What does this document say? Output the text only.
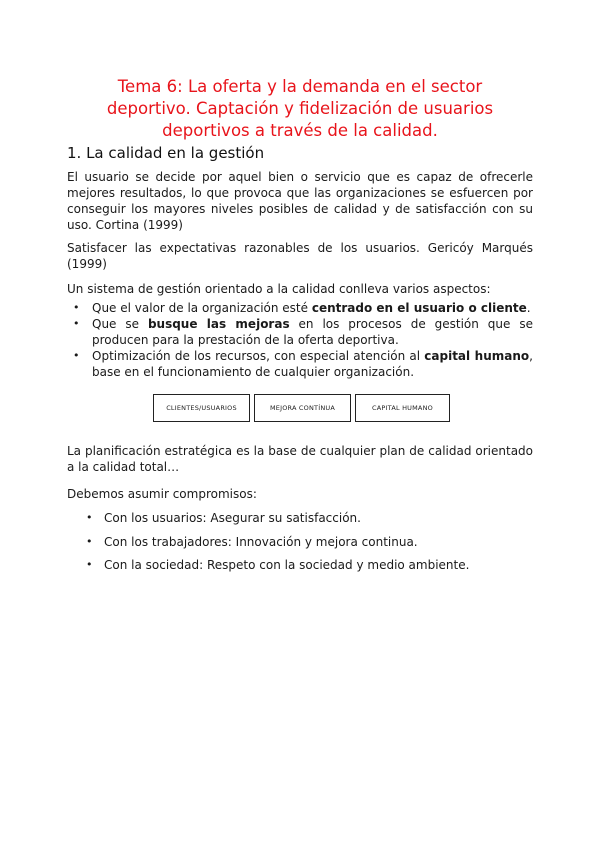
Tema 6: La oferta y la demanda en el sector
deportivo. Captación y fidelización de usuarios
deportivos a través de la calidad.
1. La calidad en la gestión

El usuario se decide por aquel bien o servicio que es capaz de ofrecerle mejores resultados, lo que provoca que las organizaciones se esfuercen por conseguir los mayores niveles posibles de calidad y de satisfacción con su uso. Cortina (1999)

Satisfacer las expectativas razonables de los usuarios. Gericóy Marqués (1999)

Un sistema de gestión orientado a la calidad conlleva varios aspectos:

• Que el valor de la organización esté centrado en el usuario o cliente.
• Que se busque las mejoras en los procesos de gestión que se producen para la prestación de la oferta deportiva.
• Optimización de los recursos, con especial atención al capital humano, base en el funcionamiento de cualquier organización.
CLIENTES/USUARIOS	MEJORA CONTÍNUA	CAPITAL HUMANO

La planificación estratégica es la base de cualquier plan de calidad orientado a la calidad total…

Debemos asumir compromisos:

• Con los usuarios: Asegurar su satisfacción.
• Con los trabajadores: Innovación y mejora continua.
• Con la sociedad: Respeto con la sociedad y medio ambiente.
